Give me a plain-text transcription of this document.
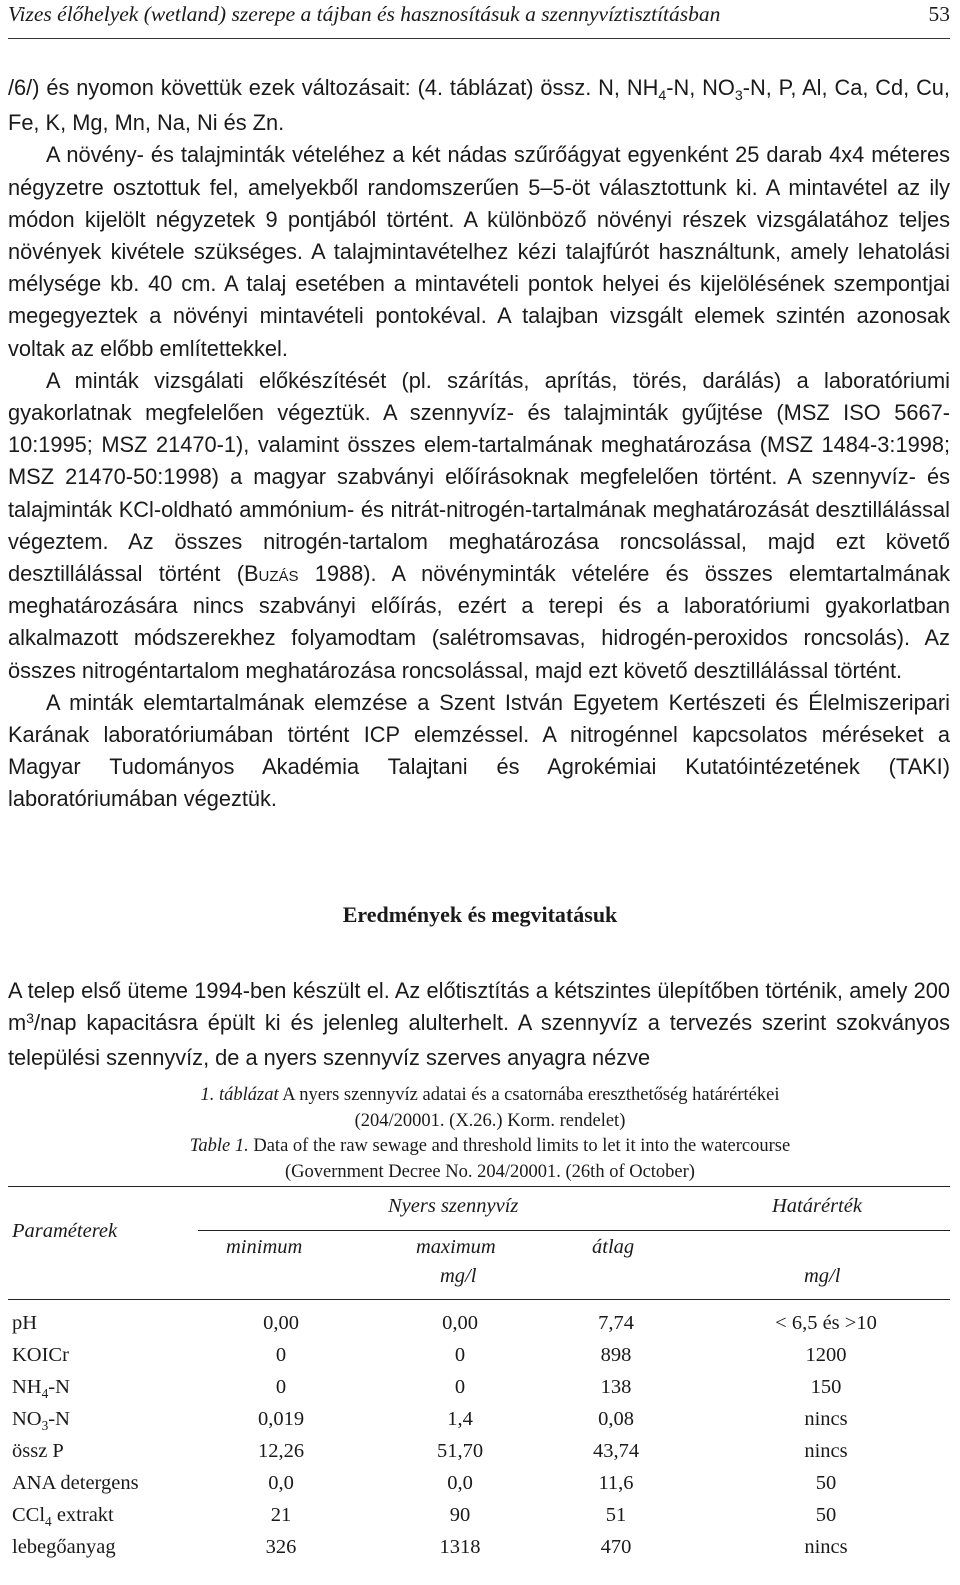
Vizes élőhelyek (wetland) szerepe a tájban és hasznosításuk a szennyvíztisztításban	53

/6/) és nyomon követtük ezek változásait: (4. táblázat) össz. N, $NH_4-N$, $NO_3-N$, P, Al, Ca, Cd, Cu, Fe, K, Mg, Mn, Na, Ni és Zn.

A növény- és talajminták vételéhez a két nádas szűrőágyat egyenként 25 darab 4x4 méteres négyzetre osztottuk fel, amelyekből randomszerűen 5–5-öt választottunk ki. A mintavétel az ily módon kijelölt négyzetek 9 pontjából történt. A különböző növényi részek vizsgálatához teljes növények kivétele szükséges. A talajmintavételhez kézi talajfúrót használtunk, amely lehatolási mélysége kb. 40 cm. A talaj esetében a mintavételi pontok helyei és kijelölésének szempontjai megegyeztek a növényi mintavételi pontokéval. A talajban vizsgált elemek szintén azonosak voltak az előbb említettekkel.

A minták vizsgálati előkészítését (pl. szárítás, aprítás, törés, darálás) a laboratóriumi gyakorlatnak megfelelően végeztük. A szennyvíz- és talajminták gyűjtése (MSZ ISO 5667-10:1995; MSZ 21470-1), valamint összes elem-tartalmának meghatározása (MSZ 1484-3:1998; MSZ 21470-50:1998) a magyar szabványi előírásoknak megfelelően történt. A szennyvíz- és talajminták KCl-oldható ammónium- és nitrát-nitrogén-tartalmának meghatározását desztillálással végeztem. Az összes nitrogén-tartalom meghatározása roncsolással, majd ezt követő desztillálással történt (Buzás 1988). A növényminták vételére és összes elemtartalmának meghatározására nincs szabványi előírás, ezért a terepi és a laboratóriumi gyakorlatban alkalmazott módszerekhez folyamodtam (salétromsavas, hidrogén-peroxidos roncsolás). Az összes nitrogéntartalom meghatározása roncsolással, majd ezt követő desztillálással történt.

A minták elemtartalmának elemzése a Szent István Egyetem Kertészeti és Élelmiszeripari Karának laboratóriumában történt ICP elemzéssel. A nitrogénnel kapcsolatos méréseket a Magyar Tudományos Akadémia Talajtani és Agrokémiai Kutatóintézetének (TAKI) laboratóriumában végeztük.

Eredmények és megvitatásuk

A telep első üteme 1994-ben készült el. Az előtisztítás a kétszintes ülepítőben történik, amely 200 $m^3$/nap kapacitásra épült ki és jelenleg alulterhelt. A szennyvíz a tervezés szerint szokványos települési szennyvíz, de a nyers szennyvíz szerves anyagra nézve

1. táblázat A nyers szennyvíz adatai és a csatornába ereszthetőség határértékei
(204/20001. (X.26.) Korm. rendelet)
Table 1. Data of the raw sewage and threshold limits to let it into the watercourse
(Government Decree No. 204/20001. (26th of October)
Paraméterek
Nyers szennyvíz	Határérték
minimum	maximum	átlag
mg/l	mg/l
pH	0,00	0,00	7,74	< 6,5 és >10
KOICr	0	0	898	1200
$NH_4-N$	0	0	138	150
$NO_3-N$	0,019	1,4	0,08	nincs
össz P	12,26	51,70	43,74	nincs
ANA detergens	0,0	0,0	11,6	50
CCl$_4$ extrakt	21	90	51	50
lebegőanyag	326	1318	470	nincs
